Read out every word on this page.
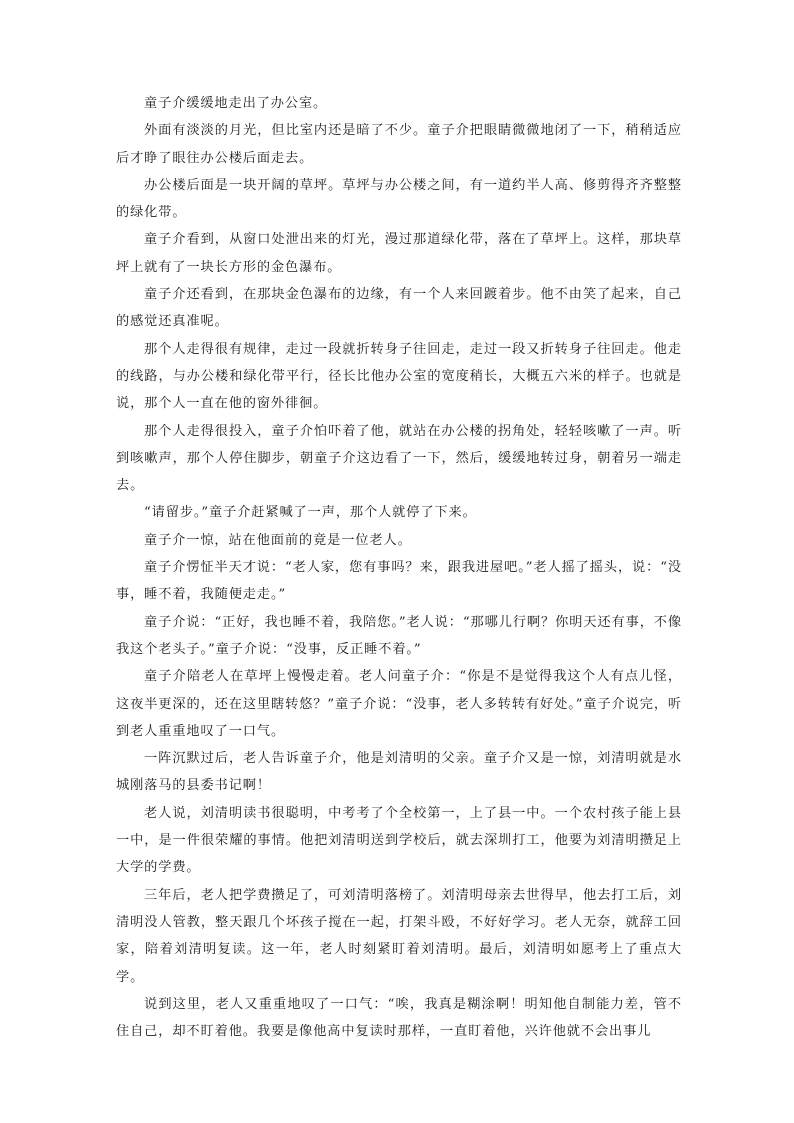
童子介缓缓地走出了办公室。

外面有淡淡的月光，但比室内还是暗了不少。童子介把眼睛微微地闭了一下，稍稍适应后才睁了眼往办公楼后面走去。

办公楼后面是一块开阔的草坪。草坪与办公楼之间，有一道约半人高、修剪得齐齐整整的绿化带。

童子介看到，从窗口处泄出来的灯光，漫过那道绿化带，落在了草坪上。这样，那块草坪上就有了一块长方形的金色瀑布。

童子介还看到，在那块金色瀑布的边缘，有一个人来回踱着步。他不由笑了起来，自己的感觉还真准呢。

那个人走得很有规律，走过一段就折转身子往回走，走过一段又折转身子往回走。他走的线路，与办公楼和绿化带平行，径长比他办公室的宽度稍长，大概五六米的样子。也就是说，那个人一直在他的窗外徘徊。

那个人走得很投入，童子介怕吓着了他，就站在办公楼的拐角处，轻轻咳嗽了一声。听到咳嗽声，那个人停住脚步，朝童子介这边看了一下，然后，缓缓地转过身，朝着另一端走去。

“请留步。”童子介赶紧喊了一声，那个人就停了下来。

童子介一惊，站在他面前的竟是一位老人。

童子介愣怔半天才说：“老人家，您有事吗？来，跟我进屋吧。”老人摇了摇头，说：“没事，睡不着，我随便走走。”

童子介说：“正好，我也睡不着，我陪您。”老人说：“那哪儿行啊？你明天还有事，不像我这个老头子。”童子介说：“没事，反正睡不着。”

童子介陪老人在草坪上慢慢走着。老人问童子介：“你是不是觉得我这个人有点儿怪，这夜半更深的，还在这里瞎转悠？”童子介说：“没事，老人多转转有好处。”童子介说完，听到老人重重地叹了一口气。

一阵沉默过后，老人告诉童子介，他是刘清明的父亲。童子介又是一惊，刘清明就是水城刚落马的县委书记啊！

老人说，刘清明读书很聪明，中考考了个全校第一，上了县一中。一个农村孩子能上县一中，是一件很荣耀的事情。他把刘清明送到学校后，就去深圳打工，他要为刘清明攒足上大学的学费。

三年后，老人把学费攒足了，可刘清明落榜了。刘清明母亲去世得早，他去打工后，刘清明没人管教，整天跟几个坏孩子搅在一起，打架斗殴，不好好学习。老人无奈，就辞工回家，陪着刘清明复读。这一年，老人时刻紧盯着刘清明。最后，刘清明如愿考上了重点大学。

说到这里，老人又重重地叹了一口气：“唉，我真是糊涂啊！明知他自制能力差，管不住自己，却不盯着他。我要是像他高中复读时那样，一直盯着他，兴许他就不会出事儿
